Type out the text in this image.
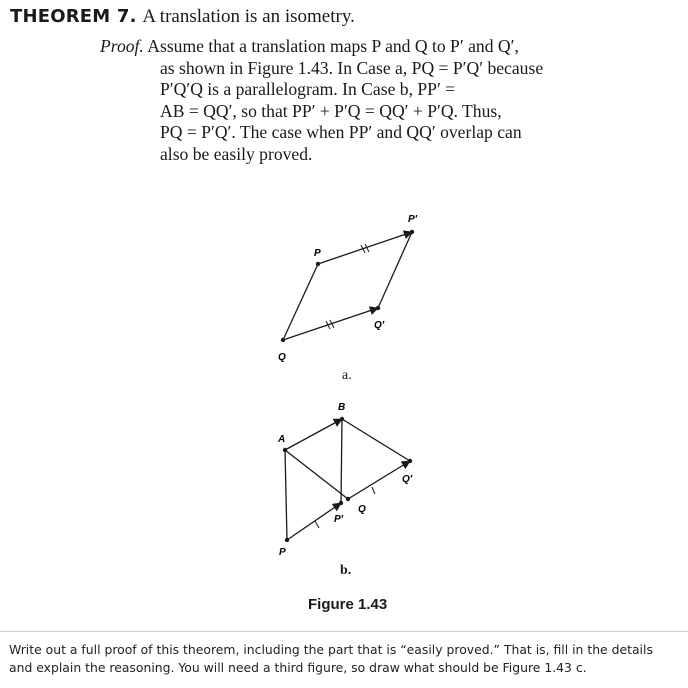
THEOREM 7. A translation is an isometry.
Proof. Assume that a translation maps P and Q to P′ and Q′,
as shown in Figure 1.43. In Case a, PQ = P′Q′ because
P′Q′Q is a parallelogram. In Case b, PP′ =
AB = QQ′, so that PP′ + P′Q = QQ′ + P′Q. Thus,
PQ = P′Q′. The case when PP′ and QQ′ overlap can
also be easily proved.
P
P′
Q
Q′
A
B
P
P′
Q
Q′
a.
b.
Figure 1.43
Write out a full proof of this theorem, including the part that is “easily proved.” That is, fill in the details and explain the reasoning. You will need a third figure, so draw what should be Figure 1.43 c.
